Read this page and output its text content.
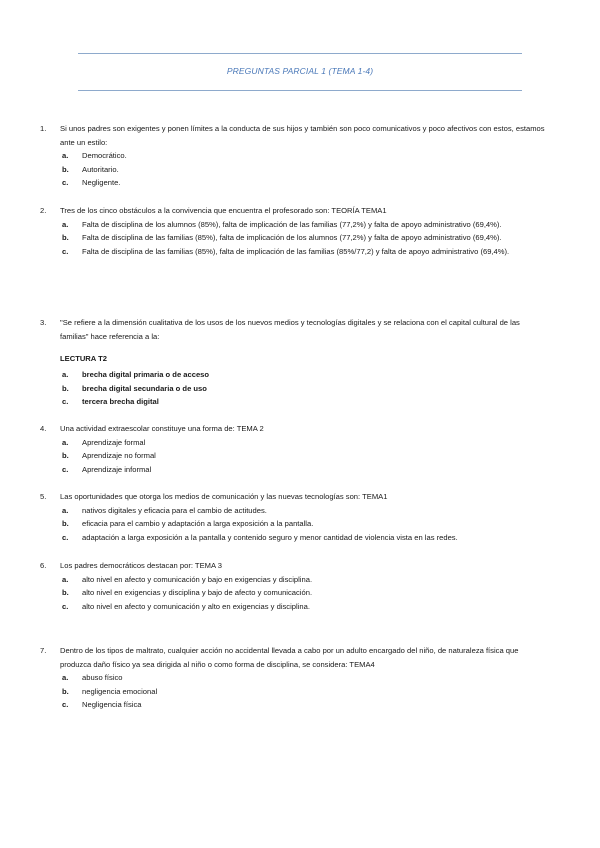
PREGUNTAS PARCIAL 1 (TEMA 1-4)
1.	Si unos padres son exigentes y ponen límites a la conducta de sus hijos y también son poco comunicativos y poco afectivos con estos, estamos ante un estilo:
a. Democrático.
b. Autoritario.
c. Negligente.
2.	Tres de los cinco obstáculos a la convivencia que encuentra el profesorado son: TEORÍA TEMA1
a. Falta de disciplina de los alumnos (85%), falta de implicación de las familias (77,2%) y falta de apoyo administrativo (69,4%).
b. Falta de disciplina de las familias (85%), falta de implicación de los alumnos (77,2%) y falta de apoyo administrativo (69,4%).
c. Falta de disciplina de las familias (85%), falta de implicación de las familias (85%/77,2) y falta de apoyo administrativo (69,4%).
3.	"Se refiere a la dimensión cualitativa de los usos de los nuevos medios y tecnologías digitales y se relaciona con el capital cultural de las familias" hace referencia a la:
LECTURA T2
a. brecha digital primaria o de acceso
b. brecha digital secundaria o de uso
c. tercera brecha digital
4.	Una actividad extraescolar constituye una forma de: TEMA 2
a. Aprendizaje formal
b. Aprendizaje no formal
c. Aprendizaje informal
5.	Las oportunidades que otorga los medios de comunicación y las nuevas tecnologías son: TEMA1
a. nativos digitales y eficacia para el cambio de actitudes.
b. eficacia para el cambio y adaptación a larga exposición a la pantalla.
c. adaptación a larga exposición a la pantalla y contenido seguro y menor cantidad de violencia vista en las redes.
6.	Los padres democráticos destacan por: TEMA 3
a. alto nivel en afecto y comunicación y bajo en exigencias y disciplina.
b. alto nivel en exigencias y disciplina y bajo de afecto y comunicación.
c. alto nivel en afecto y comunicación y alto en exigencias y disciplina.
7.	Dentro de los tipos de maltrato, cualquier acción no accidental llevada a cabo por un adulto encargado del niño, de naturaleza física que produzca daño físico ya sea dirigida al niño o como forma de disciplina, se considera: TEMA4
a. abuso físico
b. negligencia emocional
c. Negligencia física
